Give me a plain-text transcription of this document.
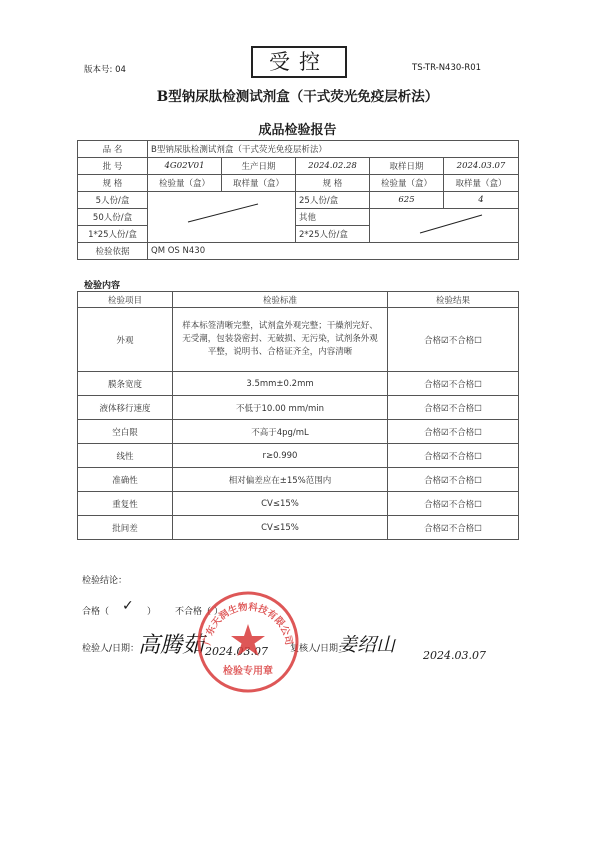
版本号: 04	受控	TS-TR-N430-R01
B型钠尿肽检测试剂盒（干式荧光免疫层析法）
成品检验报告
品 名	B型钠尿肽检测试剂盒（干式荧光免疫层析法）				
批 号	4G02V01	生产日期	2024.02.28	取样日期	2024.03.07
规 格	检验量（盒）	取样量（盒）	规 格	检验量（盒）	取样量（盒）
5人份/盒			25人份/盒	625	4
50人份/盒			其他	

1*25人份/盒			2*25人份/盒		
检验依据	QM OS N430				
检验内容
检验项目	检验标准	检验结果
外观	样本标签清晰完整，试剂盒外观完整；干燥剂完好、无受潮，包装袋密封、无破损、无污染，试剂条外观平整，说明书、合格证齐全，内容清晰	合格☑不合格☐
膜条宽度	3.5mm±0.2mm	合格☑不合格☐
液体移行速度	不低于10.00 mm/min	合格☑不合格☐
空白限	不高于4pg/mL	合格☑不合格☐
线性	r≥0.990	合格☑不合格☐
准确性	相对偏差应在±15%范围内	合格☑不合格☐
重复性	CV≤15%	合格☑不合格☐
批间差	CV≤15%	合格☑不合格☐
检验结论：
合格（ ✓ ） 不合格（ ）
检验人/日期：
高腾茹 2024.03.07 复核人/日期：
姜绍山	2024.03.07
广东天润生物科技有限公司
检验专用章
